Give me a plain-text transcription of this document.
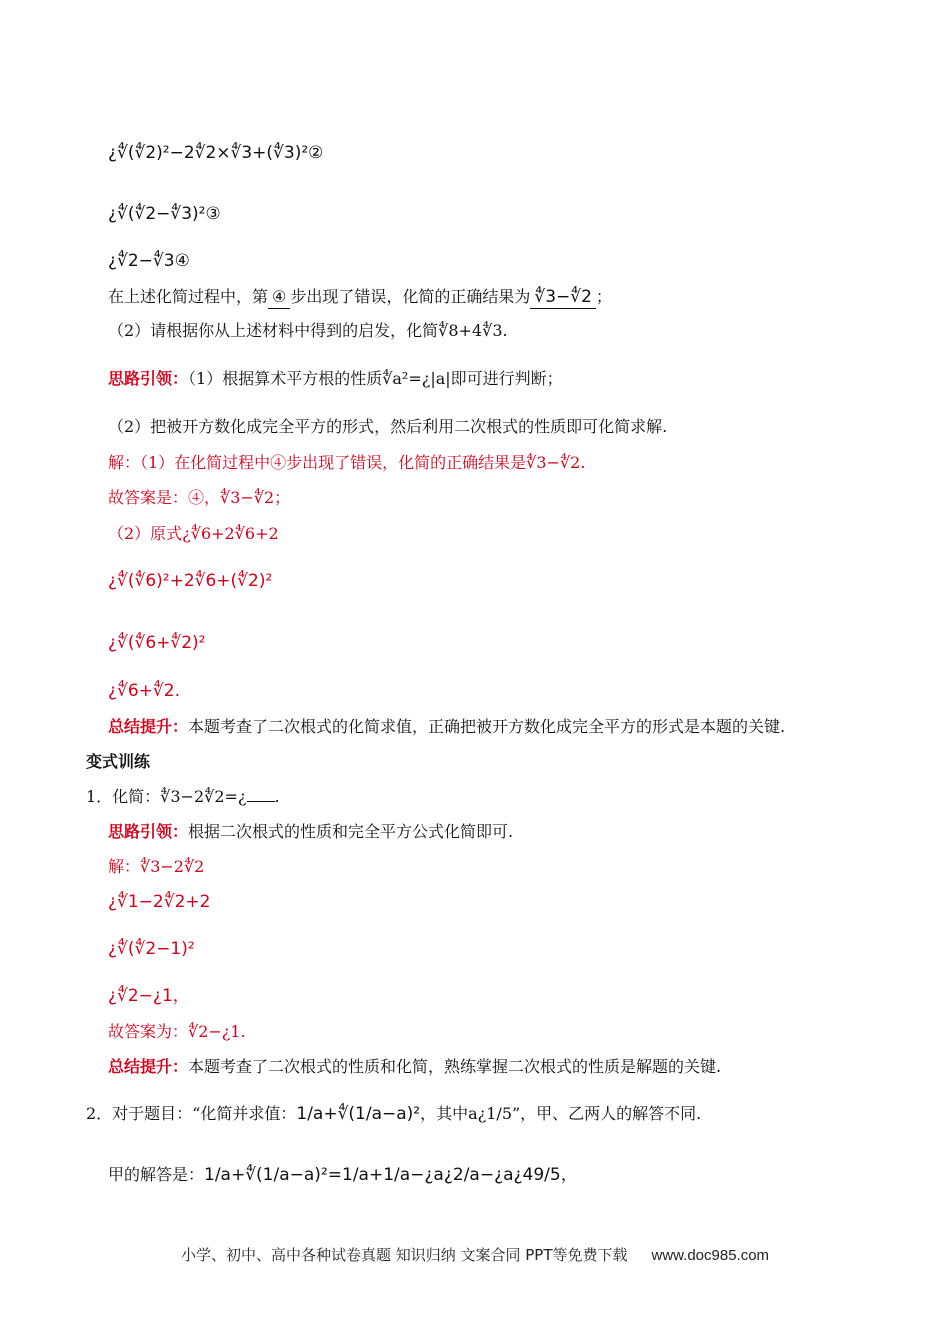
¿∜(∜2)²−2∜2×∜3+(∜3)²②
¿∜(∜2−∜3)²③
¿∜2−∜3④
在上述化简过程中，第 ④ 步出现了错误，化简的正确结果为 ∜3−∜2 ；
（2）请根据你从上述材料中得到的启发，化简∜8+4∜3.
思路引领：（1）根据算术平方根的性质∜a²=¿|a|即可进行判断；
（2）把被开方数化成完全平方的形式，然后利用二次根式的性质即可化简求解.
解：（1）在化简过程中④步出现了错误，化简的正确结果是∜3−∜2.
故答案是：④，∜3−∜2；
（2）原式¿∜6+2∜6+2
¿∜(∜6)²+2∜6+(∜2)²
¿∜(∜6+∜2)²
¿∜6+∜2.
总结提升：本题考查了二次根式的化简求值，正确把被开方数化成完全平方的形式是本题的关键.
变式训练
1．化简：∜3−2∜2=¿ .
思路引领：根据二次根式的性质和完全平方公式化简即可.
解：∜3−2∜2
¿∜1−2∜2+2
¿∜(∜2−1)²
¿∜2−¿1，
故答案为：∜2−¿1.
总结提升：本题考查了二次根式的性质和化简，熟练掌握二次根式的性质是解题的关键.
2．对于题目：“化简并求值：1/a+∜(1/a−a)²，其中a¿1/5”，甲、乙两人的解答不同.
甲的解答是：1/a+∜(1/a−a)²=1/a+1/a−¿a¿2/a−¿a¿49/5，
小学、初中、高中各种试卷真题 知识归纳 文案合同 PPT等免费下载 www.doc985.com
